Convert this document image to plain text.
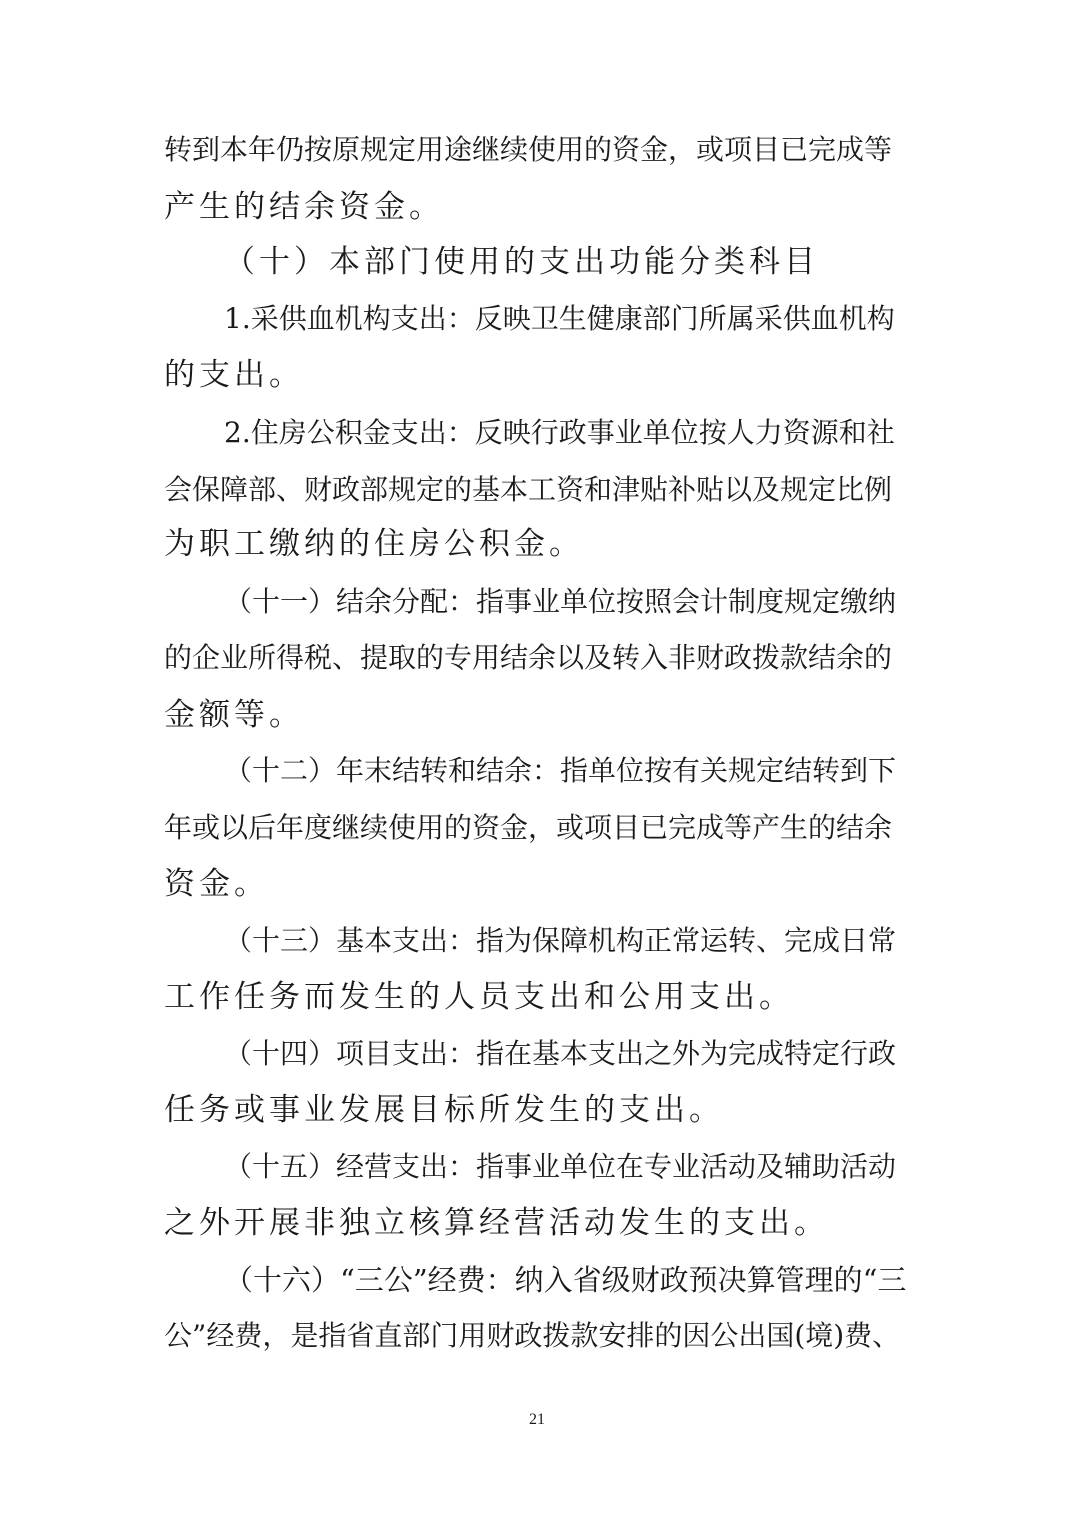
转到本年仍按原规定用途继续使用的资金，或项目已完成等
产生的结余资金。
（十）本部门使用的支出功能分类科目
1.采供血机构支出：反映卫生健康部门所属采供血机构
的支出。
2.住房公积金支出：反映行政事业单位按人力资源和社
会保障部、财政部规定的基本工资和津贴补贴以及规定比例
为职工缴纳的住房公积金。
（十一）结余分配：指事业单位按照会计制度规定缴纳
的企业所得税、提取的专用结余以及转入非财政拨款结余的
金额等。
（十二）年末结转和结余：指单位按有关规定结转到下
年或以后年度继续使用的资金，或项目已完成等产生的结余
资金。
（十三）基本支出：指为保障机构正常运转、完成日常
工作任务而发生的人员支出和公用支出。
（十四）项目支出：指在基本支出之外为完成特定行政
任务或事业发展目标所发生的支出。
（十五）经营支出：指事业单位在专业活动及辅助活动
之外开展非独立核算经营活动发生的支出。
（十六）“三公”经费：纳入省级财政预决算管理的“三
公”经费，是指省直部门用财政拨款安排的因公出国(境)费、
21
